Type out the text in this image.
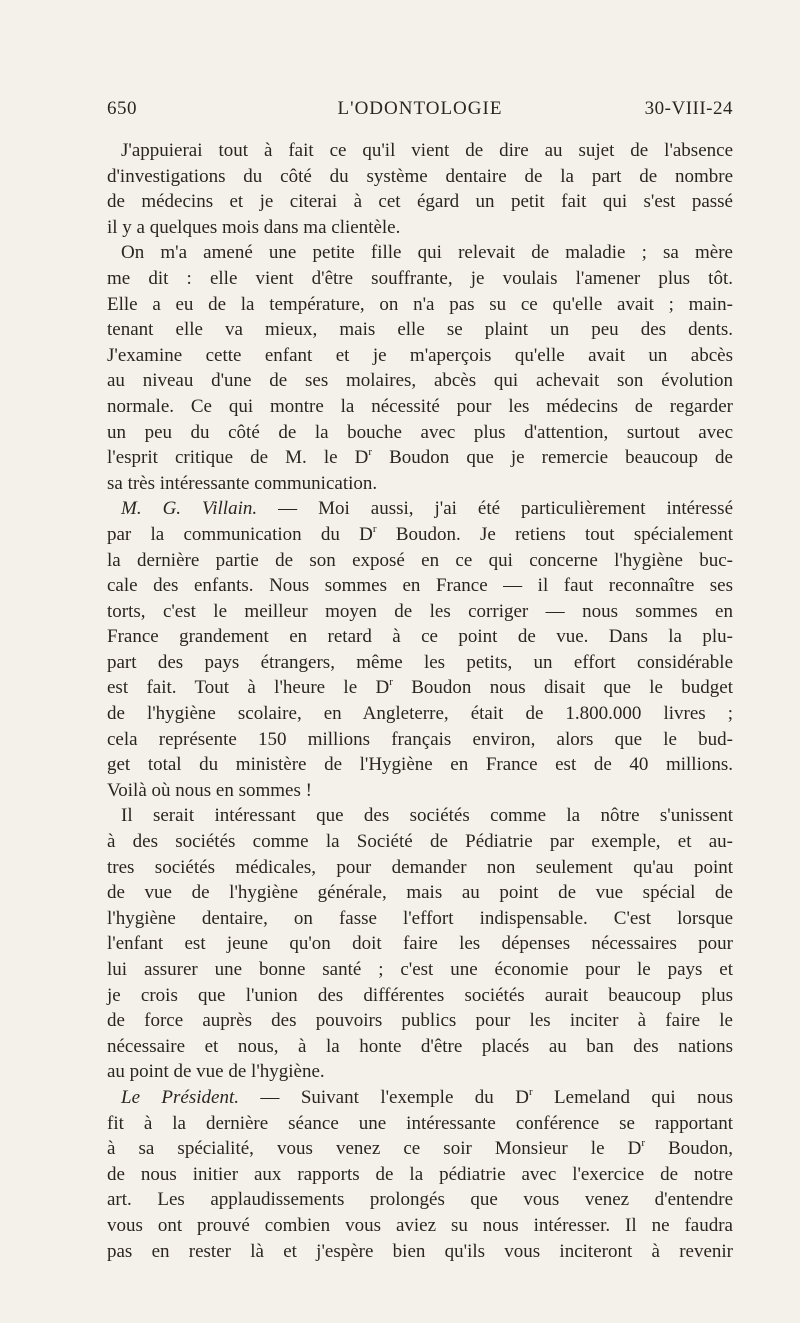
650	L'ODONTOLOGIE	30-VIII-24
J'appuierai tout à fait ce qu'il vient de dire au sujet de l'absence
d'investigations du côté du système dentaire de la part de nombre
de médecins et je citerai à cet égard un petit fait qui s'est passé
il y a quelques mois dans ma clientèle.
On m'a amené une petite fille qui relevait de maladie ; sa mère
me dit : elle vient d'être souffrante, je voulais l'amener plus tôt.
Elle a eu de la température, on n'a pas su ce qu'elle avait ; main-
tenant elle va mieux, mais elle se plaint un peu des dents.
J'examine cette enfant et je m'aperçois qu'elle avait un abcès
au niveau d'une de ses molaires, abcès qui achevait son évolution
normale. Ce qui montre la nécessité pour les médecins de regarder
un peu du côté de la bouche avec plus d'attention, surtout avec
l'esprit critique de M. le $D^r$ Boudon que je remercie beaucoup de
sa très intéressante communication.
M. G. Villain. — Moi aussi, j'ai été particulièrement intéressé
par la communication du $D^r$ Boudon. Je retiens tout spécialement
la dernière partie de son exposé en ce qui concerne l'hygiène buc-
cale des enfants. Nous sommes en France — il faut reconnaître ses
torts, c'est le meilleur moyen de les corriger — nous sommes en
France grandement en retard à ce point de vue. Dans la plu-
part des pays étrangers, même les petits, un effort considérable
est fait. Tout à l'heure le $D^r$ Boudon nous disait que le budget
de l'hygiène scolaire, en Angleterre, était de 1.800.000 livres ;
cela représente 150 millions français environ, alors que le bud-
get total du ministère de l'Hygiène en France est de 40 millions.
Voilà où nous en sommes !
Il serait intéressant que des sociétés comme la nôtre s'unissent
à des sociétés comme la Société de Pédiatrie par exemple, et au-
tres sociétés médicales, pour demander non seulement qu'au point
de vue de l'hygiène générale, mais au point de vue spécial de
l'hygiène dentaire, on fasse l'effort indispensable. C'est lorsque
l'enfant est jeune qu'on doit faire les dépenses nécessaires pour
lui assurer une bonne santé ; c'est une économie pour le pays et
je crois que l'union des différentes sociétés aurait beaucoup plus
de force auprès des pouvoirs publics pour les inciter à faire le
nécessaire et nous, à la honte d'être placés au ban des nations
au point de vue de l'hygiène.
Le Président. — Suivant l'exemple du $D^r$ Lemeland qui nous
fit à la dernière séance une intéressante conférence se rapportant
à sa spécialité, vous venez ce soir Monsieur le $D^r$ Boudon,
de nous initier aux rapports de la pédiatrie avec l'exercice de notre
art. Les applaudissements prolongés que vous venez d'entendre
vous ont prouvé combien vous aviez su nous intéresser. Il ne faudra
pas en rester là et j'espère bien qu'ils vous inciteront à revenir
